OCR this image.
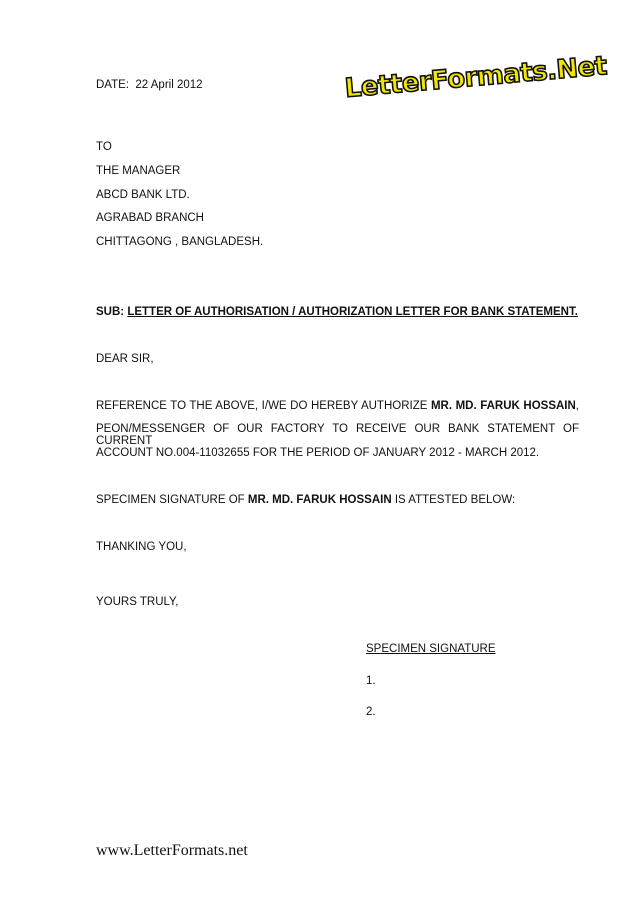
LetterFormats.Net
DATE: 22 April 2012
TO
THE MANAGER
ABCD BANK LTD.
AGRABAD BRANCH
CHITTAGONG , BANGLADESH.
SUB: LETTER OF AUTHORISATION / AUTHORIZATION LETTER FOR BANK STATEMENT.
DEAR SIR,
REFERENCE TO THE ABOVE, I/WE DO HEREBY AUTHORIZE MR. MD. FARUK HOSSAIN,
PEON/MESSENGER OF OUR FACTORY TO RECEIVE OUR BANK STATEMENT OF CURRENT
ACCOUNT NO.004-11032655 FOR THE PERIOD OF JANUARY 2012 - MARCH 2012.
SPECIMEN SIGNATURE OF MR. MD. FARUK HOSSAIN IS ATTESTED BELOW:
THANKING YOU,
YOURS TRULY,
SPECIMEN SIGNATURE
1.
2.
www.LetterFormats.net
